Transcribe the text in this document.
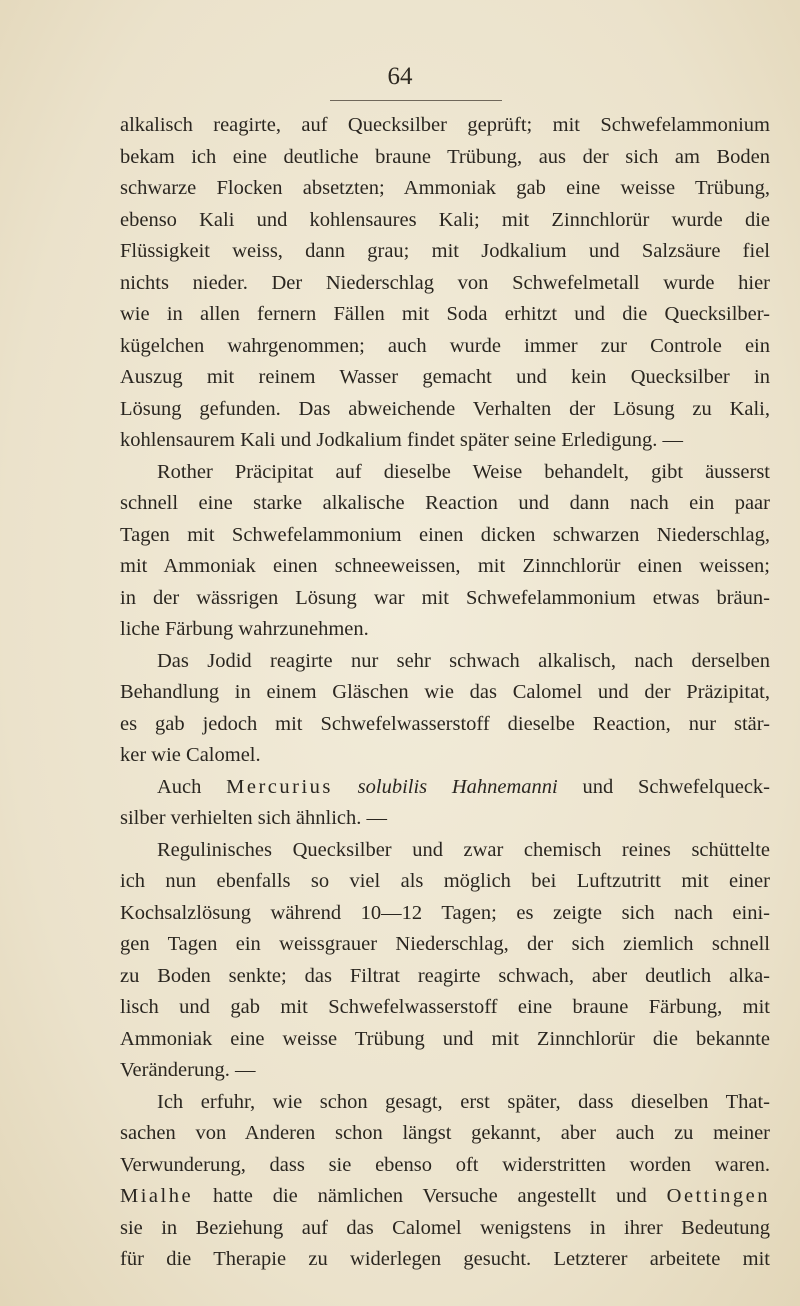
64
alkalisch reagirte, auf Quecksilber geprüft; mit Schwefelammonium
bekam ich eine deutliche braune Trübung, aus der sich am Boden
schwarze Flocken absetzten; Ammoniak gab eine weisse Trübung,
ebenso Kali und kohlensaures Kali; mit Zinnchlorür wurde die
Flüssigkeit weiss, dann grau; mit Jodkalium und Salzsäure fiel
nichts nieder. Der Niederschlag von Schwefelmetall wurde hier
wie in allen fernern Fällen mit Soda erhitzt und die Quecksilber-
kügelchen wahrgenommen; auch wurde immer zur Controle ein
Auszug mit reinem Wasser gemacht und kein Quecksilber in
Lösung gefunden. Das abweichende Verhalten der Lösung zu Kali,
kohlensaurem Kali und Jodkalium findet später seine Erledigung. —
Rother Präcipitat auf dieselbe Weise behandelt, gibt äusserst
schnell eine starke alkalische Reaction und dann nach ein paar
Tagen mit Schwefelammonium einen dicken schwarzen Niederschlag,
mit Ammoniak einen schneeweissen, mit Zinnchlorür einen weissen;
in der wässrigen Lösung war mit Schwefelammonium etwas bräun-
liche Färbung wahrzunehmen.
Das Jodid reagirte nur sehr schwach alkalisch, nach derselben
Behandlung in einem Gläschen wie das Calomel und der Präzipitat,
es gab jedoch mit Schwefelwasserstoff dieselbe Reaction, nur stär-
ker wie Calomel.
Auch Mercurius solubilis Hahnemanni und Schwefelqueck-
silber verhielten sich ähnlich. —
Regulinisches Quecksilber und zwar chemisch reines schüttelte
ich nun ebenfalls so viel als möglich bei Luftzutritt mit einer
Kochsalzlösung während 10—12 Tagen; es zeigte sich nach eini-
gen Tagen ein weissgrauer Niederschlag, der sich ziemlich schnell
zu Boden senkte; das Filtrat reagirte schwach, aber deutlich alka-
lisch und gab mit Schwefelwasserstoff eine braune Färbung, mit
Ammoniak eine weisse Trübung und mit Zinnchlorür die bekannte
Veränderung. —
Ich erfuhr, wie schon gesagt, erst später, dass dieselben That-
sachen von Anderen schon längst gekannt, aber auch zu meiner
Verwunderung, dass sie ebenso oft widerstritten worden waren.
Mialhe hatte die nämlichen Versuche angestellt und Oettingen
sie in Beziehung auf das Calomel wenigstens in ihrer Bedeutung
für die Therapie zu widerlegen gesucht. Letzterer arbeitete mit
